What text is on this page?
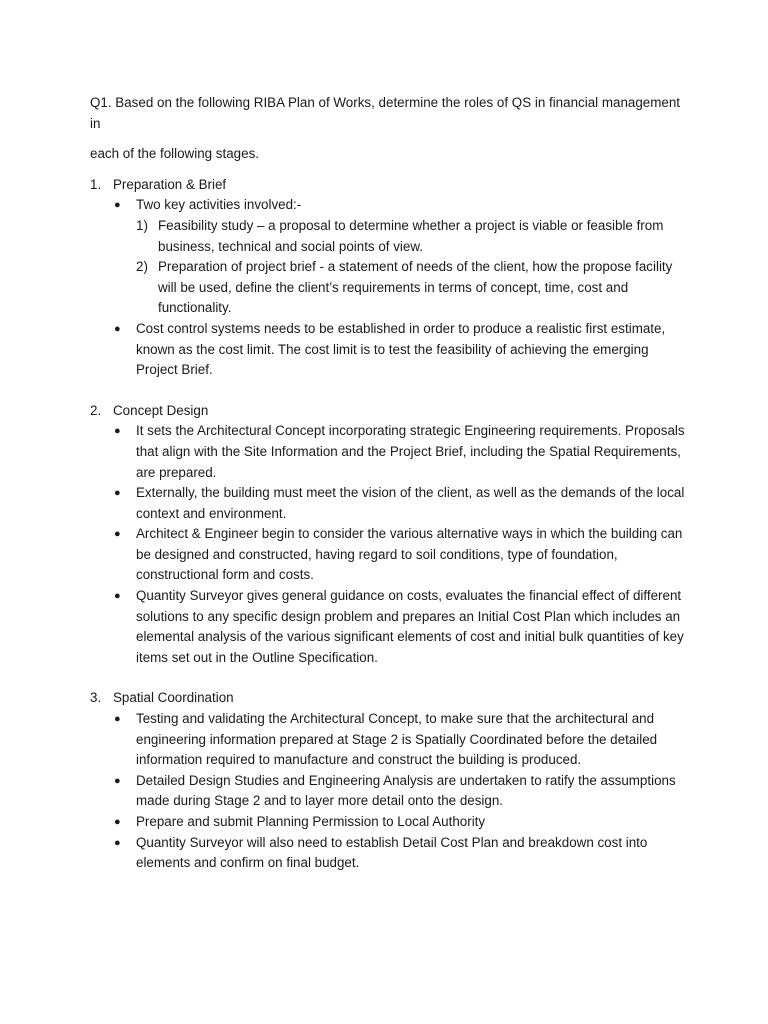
Q1. Based on the following RIBA Plan of Works, determine the roles of QS in financial management in

each of the following stages.

1. Preparation & Brief
● Two key activities involved:-
1) Feasibility study – a proposal to determine whether a project is viable or feasible from business, technical and social points of view.
2) Preparation of project brief - a statement of needs of the client, how the propose facility will be used, define the client’s requirements in terms of concept, time, cost and functionality.
● Cost control systems needs to be established in order to produce a realistic first estimate, known as the cost limit. The cost limit is to test the feasibility of achieving the emerging Project Brief.
2. Concept Design
● It sets the Architectural Concept incorporating strategic Engineering requirements. Proposals that align with the Site Information and the Project Brief, including the Spatial Requirements, are prepared.
● Externally, the building must meet the vision of the client, as well as the demands of the local context and environment.
● Architect & Engineer begin to consider the various alternative ways in which the building can be designed and constructed, having regard to soil conditions, type of foundation, constructional form and costs.
● Quantity Surveyor gives general guidance on costs, evaluates the financial effect of different solutions to any specific design problem and prepares an Initial Cost Plan which includes an elemental analysis of the various significant elements of cost and initial bulk quantities of key items set out in the Outline Specification.
3. Spatial Coordination
● Testing and validating the Architectural Concept, to make sure that the architectural and engineering information prepared at Stage 2 is Spatially Coordinated before the detailed information required to manufacture and construct the building is produced.
● Detailed Design Studies and Engineering Analysis are undertaken to ratify the assumptions made during Stage 2 and to layer more detail onto the design.
● Prepare and submit Planning Permission to Local Authority
● Quantity Surveyor will also need to establish Detail Cost Plan and breakdown cost into elements and confirm on final budget.
